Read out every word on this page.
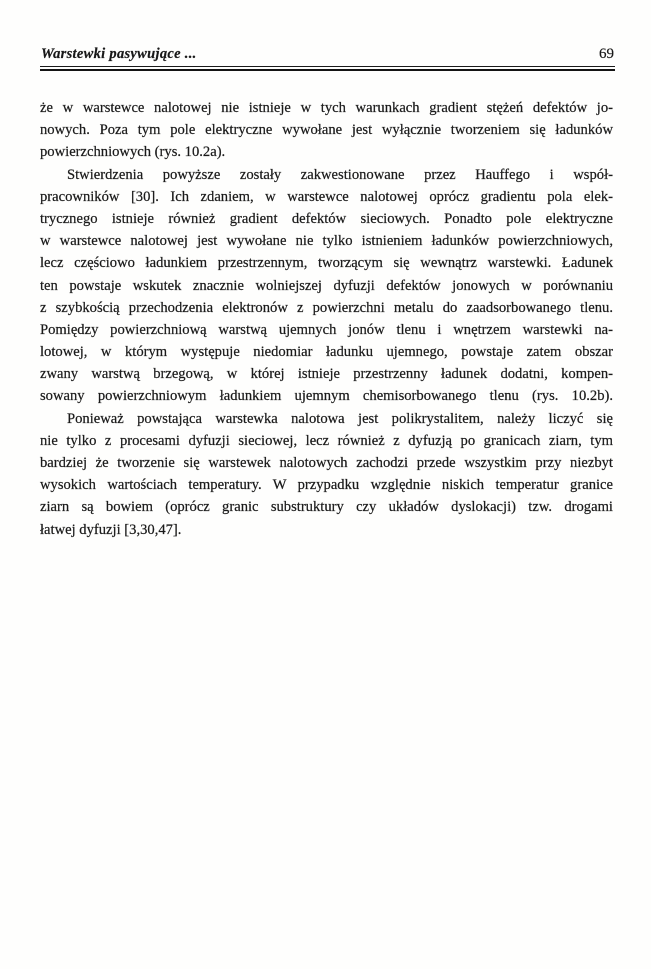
Warstewki pasywujące ...	69
że w warstewce nalotowej nie istnieje w tych warunkach gradient stężeń defektów jo-
nowych. Poza tym pole elektryczne wywołane jest wyłącznie tworzeniem się ładunków
powierzchniowych (rys. 10.2a).
Stwierdzenia powyższe zostały zakwestionowane przez Hauffego i współ-
pracowników [30]. Ich zdaniem, w warstewce nalotowej oprócz gradientu pola elek-
trycznego istnieje również gradient defektów sieciowych. Ponadto pole elektryczne
w warstewce nalotowej jest wywołane nie tylko istnieniem ładunków powierzchniowych,
lecz częściowo ładunkiem przestrzennym, tworzącym się wewnątrz warstewki. Ładunek
ten powstaje wskutek znacznie wolniejszej dyfuzji defektów jonowych w porównaniu
z szybkością przechodzenia elektronów z powierzchni metalu do zaadsorbowanego tlenu.
Pomiędzy powierzchniową warstwą ujemnych jonów tlenu i wnętrzem warstewki na-
lotowej, w którym występuje niedomiar ładunku ujemnego, powstaje zatem obszar
zwany warstwą brzegową, w której istnieje przestrzenny ładunek dodatni, kompen-
sowany powierzchniowym ładunkiem ujemnym chemisorbowanego tlenu (rys. 10.2b).
Ponieważ powstająca warstewka nalotowa jest polikrystalitem, należy liczyć się
nie tylko z procesami dyfuzji sieciowej, lecz również z dyfuzją po granicach ziarn, tym
bardziej że tworzenie się warstewek nalotowych zachodzi przede wszystkim przy niezbyt
wysokich wartościach temperatury. W przypadku względnie niskich temperatur granice
ziarn są bowiem (oprócz granic substruktury czy układów dyslokacji) tzw. drogami
łatwej dyfuzji [3,30,47].
